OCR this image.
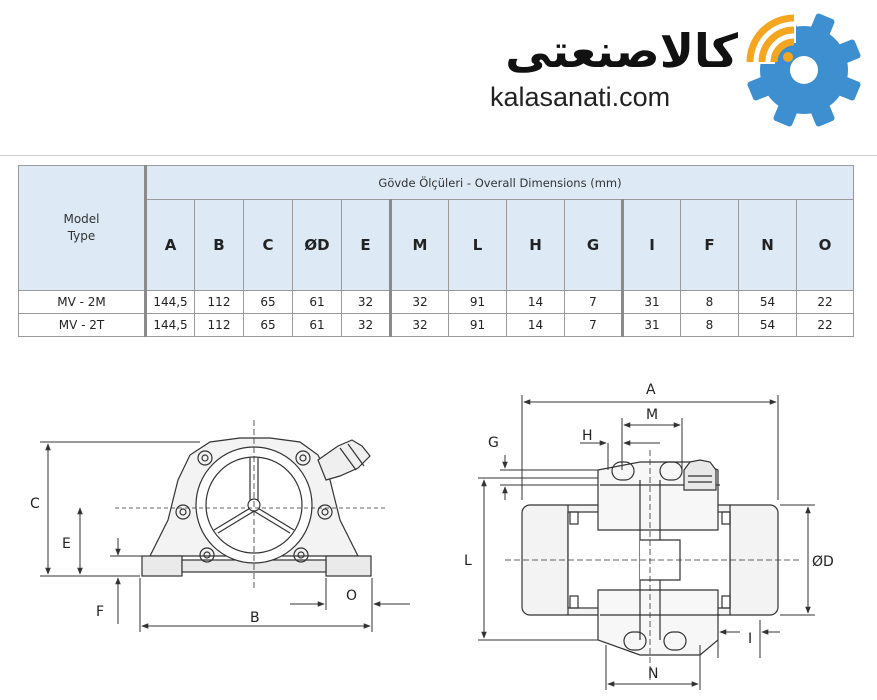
کالاصنعتی
kalasanati.com
Model
Type	Gövde Ölçüleri - Overall Dimensions (mm)												
	A	B	C	ØD	E	M	L	H	G	I	F	N	O
MV - 2M	144,5	112	65	61	32	32	91	14	7	31	8	54	22
MV - 2T	144,5	112	65	61	32	32	91	14	7	31	8	54	22
C
E
F	B
O
A
M
H
G
L	ØD
I
N
